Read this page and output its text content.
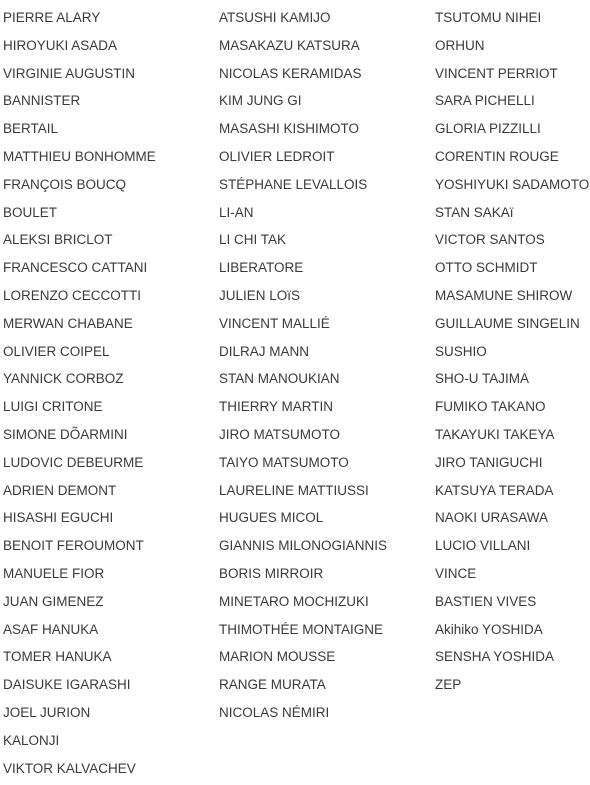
PIERRE ALARY
HIROYUKI ASADA
VIRGINIE AUGUSTIN
BANNISTER
BERTAIL
MATTHIEU BONHOMME
FRANÇOIS BOUCQ
BOULET
ALEKSI BRICLOT
FRANCESCO CATTANI
LORENZO CECCOTTI
MERWAN CHABANE
OLIVIER COIPEL
YANNICK CORBOZ
LUIGI CRITONE
SIMONE DÕARMINI
LUDOVIC DEBEURME
ADRIEN DEMONT
HISASHI EGUCHI
BENOIT FEROUMONT
MANUELE FIOR
JUAN GIMENEZ
ASAF HANUKA
TOMER HANUKA
DAISUKE IGARASHI
JOEL JURION
KALONJI
VIKTOR KALVACHEV
ATSUSHI KAMIJO
MASAKAZU KATSURA
NICOLAS KERAMIDAS
KIM JUNG GI
MASASHI KISHIMOTO
OLIVIER LEDROIT
STÉPHANE LEVALLOIS
LI-AN
LI CHI TAK
LIBERATORE
JULIEN LOïS
VINCENT MALLIÉ
DILRAJ MANN
STAN MANOUKIAN
THIERRY MARTIN
JIRO MATSUMOTO
TAIYO MATSUMOTO
LAURELINE MATTIUSSI
HUGUES MICOL
GIANNIS MILONOGIANNIS
BORIS MIRROIR
MINETARO MOCHIZUKI
THIMOTHÉE MONTAIGNE
MARION MOUSSE
RANGE MURATA
NICOLAS NÉMIRI
TSUTOMU NIHEI
ORHUN
VINCENT PERRIOT
SARA PICHELLI
GLORIA PIZZILLI
CORENTIN ROUGE
YOSHIYUKI SADAMOTO
STAN SAKAï
VICTOR SANTOS
OTTO SCHMIDT
MASAMUNE SHIROW
GUILLAUME SINGELIN
SUSHIO
SHO-U TAJIMA
FUMIKO TAKANO
TAKAYUKI TAKEYA
JIRO TANIGUCHI
KATSUYA TERADA
NAOKI URASAWA
LUCIO VILLANI
VINCE
BASTIEN VIVES
Akihiko YOSHIDA
SENSHA YOSHIDA
ZEP
